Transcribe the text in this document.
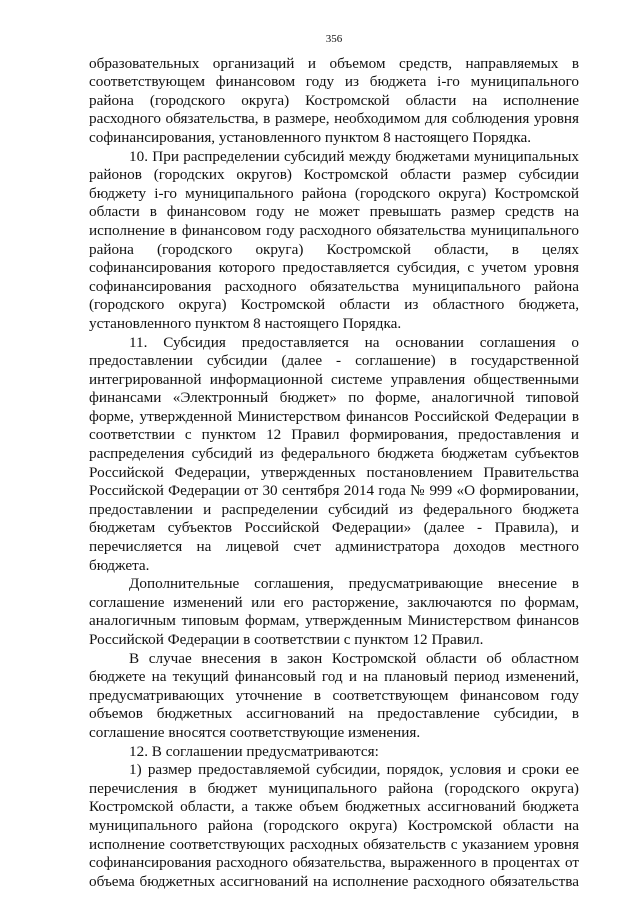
356

образовательных организаций и объемом средств, направляемых в соответствующем финансовом году из бюджета i-го муниципального района (городского округа) Костромской области на исполнение расходного обязательства, в размере, необходимом для соблюдения уровня софинансирования, установленного пунктом 8 настоящего Порядка.

10. При распределении субсидий между бюджетами муниципальных районов (городских округов) Костромской области размер субсидии бюджету i-го муниципального района (городского округа) Костромской области в финансовом году не может превышать размер средств на исполнение в финансовом году расходного обязательства муниципального района (городского округа) Костромской области, в целях софинансирования которого предоставляется субсидия, с учетом уровня софинансирования расходного обязательства муниципального района (городского округа) Костромской области из областного бюджета, установленного пунктом 8 настоящего Порядка.

11. Субсидия предоставляется на основании соглашения о предоставлении субсидии (далее - соглашение) в государственной интегрированной информационной системе управления общественными финансами «Электронный бюджет» по форме, аналогичной типовой форме, утвержденной Министерством финансов Российской Федерации в соответствии с пунктом 12 Правил формирования, предоставления и распределения субсидий из федерального бюджета бюджетам субъектов Российской Федерации, утвержденных постановлением Правительства Российской Федерации от 30 сентября 2014 года № 999 «О формировании, предоставлении и распределении субсидий из федерального бюджета бюджетам субъектов Российской Федерации» (далее - Правила), и перечисляется на лицевой счет администратора доходов местного бюджета.

Дополнительные соглашения, предусматривающие внесение в соглашение изменений или его расторжение, заключаются по формам, аналогичным типовым формам, утвержденным Министерством финансов Российской Федерации в соответствии с пунктом 12 Правил.

В случае внесения в закон Костромской области об областном бюджете на текущий финансовый год и на плановый период изменений, предусматривающих уточнение в соответствующем финансовом году объемов бюджетных ассигнований на предоставление субсидии, в соглашение вносятся соответствующие изменения.

12. В соглашении предусматриваются:

1) размер предоставляемой субсидии, порядок, условия и сроки ее перечисления в бюджет муниципального района (городского округа) Костромской области, а также объем бюджетных ассигнований бюджета муниципального района (городского округа) Костромской области на исполнение соответствующих расходных обязательств с указанием уровня софинансирования расходного обязательства, выраженного в процентах от объема бюджетных ассигнований на исполнение расходного обязательства
